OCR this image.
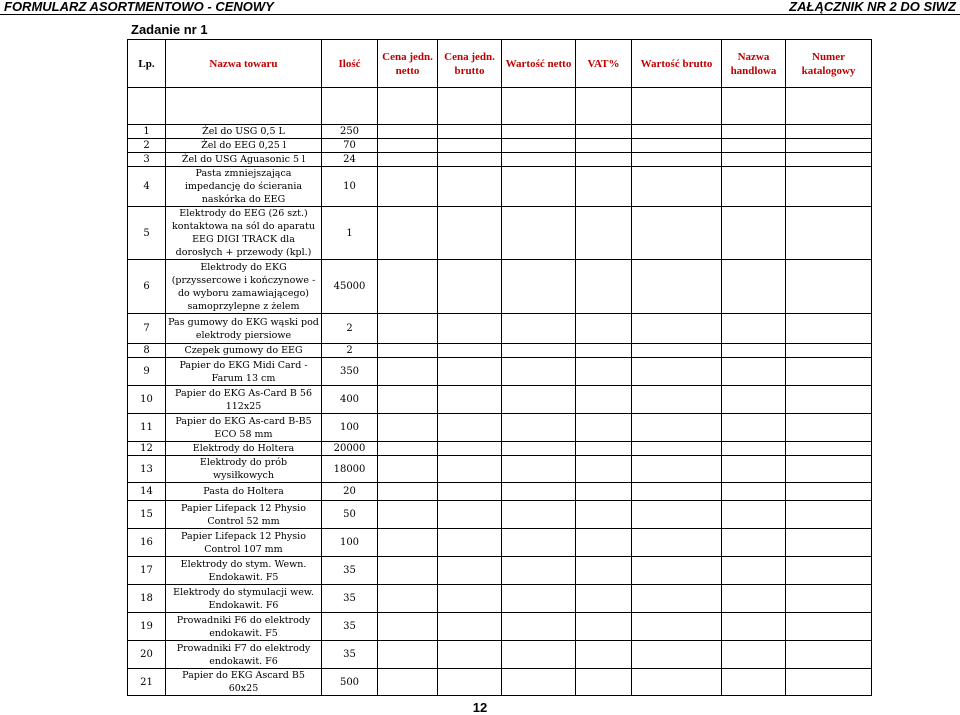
FORMULARZ ASORTMENTOWO - CENOWY	ZAŁĄCZNIK NR 2 DO SIWZ
Zadanie nr 1
Lp.	Nazwa towaru	Ilość	Cena jedn. netto	Cena jedn. brutto	Wartość netto	VAT%	Wartość brutto	Nazwa handlowa	Numer katalogowy

1	Żel do USG 0,5 L	250							
2	Żel do EEG 0,25 l	70							
3	Żel do USG Aguasonic 5 l	24							
4	Pasta zmniejszająca impedancję do ścierania naskórka do EEG	10							
5	Elektrody do EEG (26 szt.) kontaktowa na sól do aparatu EEG DIGI TRACK dla dorosłych + przewody (kpl.)	1							
6	Elektrody do EKG (przyssercowe i kończynowe - do wyboru zamawiającego) samoprzylepne z żelem	45000							
7	Pas gumowy do EKG wąski pod elektrody piersiowe	2							
8	Czepek gumowy do EEG	2							
9	Papier do EKG Midi Card - Farum 13 cm	350							
10	Papier do EKG As-Card B 56 112x25	400							
11	Papier do EKG As-card B-B5 ECO 58 mm	100							
12	Elektrody do Holtera	20000							
13	Elektrody do prób wysiłkowych	18000							
14	Pasta do Holtera	20							
15	Papier Lifepack 12 Physio Control 52 mm	50							
16	Papier Lifepack 12 Physio Control 107 mm	100							
17	Elektrody do stym. Wewn. Endokawit. F5	35							
18	Elektrody do stymulacji wew. Endokawit. F6	35							
19	Prowadniki F6 do elektrody endokawit. F5	35							
20	Prowadniki F7 do elektrody endokawit. F6	35							
21	Papier do EKG Ascard B5 60x25	500							
12
